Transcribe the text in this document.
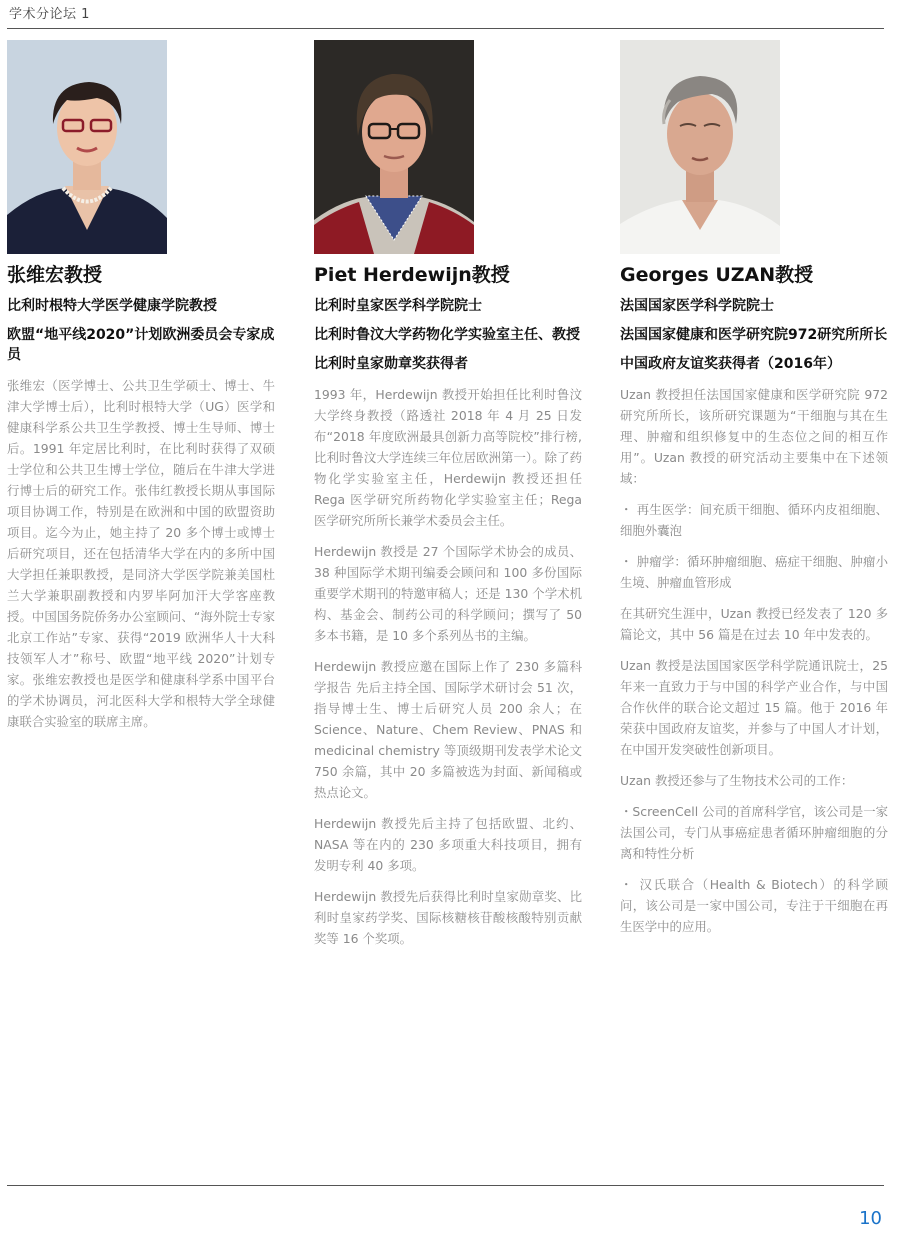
学术分论坛 1
张维宏教授
比利时根特大学医学健康学院教授
欧盟“地平线2020”计划欧洲委员会专家成员
张维宏（医学博士、公共卫生学硕士、博士、牛津大学博士后），比利时根特大学（UG）医学和健康科学系公共卫生学教授、博士生导师、博士后。1991 年定居比利时，在比利时获得了双硕士学位和公共卫生博士学位，随后在牛津大学进行博士后的研究工作。张伟红教授长期从事国际项目协调工作，特别是在欧洲和中国的欧盟资助项目。迄今为止，她主持了 20 多个博士或博士后研究项目，还在包括清华大学在内的多所中国大学担任兼职教授，是同济大学医学院兼美国杜兰大学兼职副教授和内罗毕阿加汗大学客座教授。中国国务院侨务办公室顾问、“海外院士专家北京工作站”专家、获得“2019 欧洲华人十大科技领军人才”称号、欧盟“地平线 2020”计划专家。张维宏教授也是医学和健康科学系中国平台的学术协调员，河北医科大学和根特大学全球健康联合实验室的联席主席。
Piet Herdewijn教授
比利时皇家医学科学院院士
比利时鲁汶大学药物化学实验室主任、教授
比利时皇家勋章奖获得者
1993 年，Herdewijn 教授开始担任比利时鲁汶大学终身教授（路透社 2018 年 4 月 25 日发布“2018 年度欧洲最具创新力高等院校”排行榜,比利时鲁汶大学连续三年位居欧洲第一）。除了药物化学实验室主任，Herdewijn 教授还担任 Rega 医学研究所药物化学实验室主任；Rega 医学研究所所长兼学术委员会主任。
Herdewijn 教授是 27 个国际学术协会的成员、38 种国际学术期刊编委会顾问和 100 多份国际重要学术期刊的特邀审稿人；还是 130 个学术机构、基金会、制药公司的科学顾问；撰写了 50 多本书籍，是 10 多个系列丛书的主编。
Herdewijn 教授应邀在国际上作了 230 多篇科学报告 先后主持全国、国际学术研讨会 51 次，指导博士生、博士后研究人员 200 余人；在 Science、Nature、Chem Review、PNAS 和 medicinal chemistry 等顶级期刊发表学术论文 750 余篇，其中 20 多篇被选为封面、新闻稿或热点论文。
Herdewijn 教授先后主持了包括欧盟、北约、NASA 等在内的 230 多项重大科技项目，拥有发明专利 40 多项。
Herdewijn 教授先后获得比利时皇家勋章奖、比利时皇家药学奖、国际核糖核苷酸核酸特别贡献奖等 16 个奖项。
Georges UZAN教授
法国国家医学科学院院士
法国国家健康和医学研究院972研究所所长
中国政府友谊奖获得者（2016年）
Uzan 教授担任法国国家健康和医学研究院 972 研究所所长，该所研究课题为“干细胞与其在生理、肿瘤和组织修复中的生态位之间的相互作用”。Uzan 教授的研究活动主要集中在下述领域：
・ 再生医学：间充质干细胞、循环内皮祖细胞、细胞外囊泡
・ 肿瘤学：循环肿瘤细胞、癌症干细胞、肿瘤小生境、肿瘤血管形成
在其研究生涯中，Uzan 教授已经发表了 120 多篇论文，其中 56 篇是在过去 10 年中发表的。
Uzan 教授是法国国家医学科学院通讯院士，25 年来一直致力于与中国的科学产业合作，与中国合作伙伴的联合论文超过 15 篇。他于 2016 年荣获中国政府友谊奖，并参与了中国人才计划，在中国开发突破性创新项目。
Uzan 教授还参与了生物技术公司的工作：
・ScreenCell 公司的首席科学官，该公司是一家法国公司，专门从事癌症患者循环肿瘤细胞的分离和特性分析
・ 汉氏联合（Health & Biotech）的科学顾问，该公司是一家中国公司，专注于干细胞在再生医学中的应用。
10
